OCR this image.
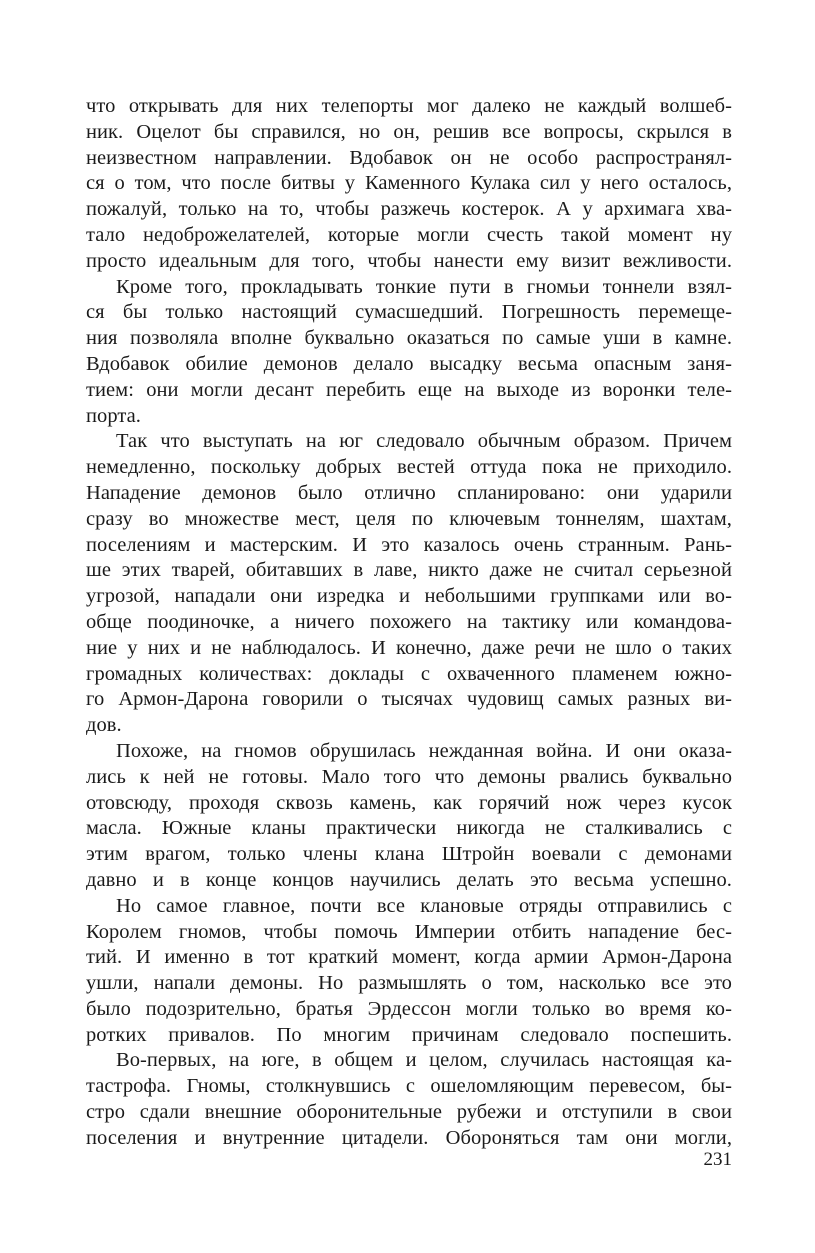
что открывать для них телепорты мог далеко не каждый волшеб-
ник. Оцелот бы справился, но он, решив все вопросы, скрылся в
неизвестном направлении. Вдобавок он не особо распространял-
ся о том, что после битвы у Каменного Кулака сил у него осталось,
пожалуй, только на то, чтобы разжечь костерок. А у архимага хва-
тало недоброжелателей, которые могли счесть такой момент ну
просто идеальным для того, чтобы нанести ему визит вежливости.
Кроме того, прокладывать тонкие пути в гномьи тоннели взял-
ся бы только настоящий сумасшедший. Погрешность перемеще-
ния позволяла вполне буквально оказаться по самые уши в камне.
Вдобавок обилие демонов делало высадку весьма опасным заня-
тием: они могли десант перебить еще на выходе из воронки теле-
порта.
Так что выступать на юг следовало обычным образом. Причем
немедленно, поскольку добрых вестей оттуда пока не приходило.
Нападение демонов было отлично спланировано: они ударили
сразу во множестве мест, целя по ключевым тоннелям, шахтам,
поселениям и мастерским. И это казалось очень странным. Рань-
ше этих тварей, обитавших в лаве, никто даже не считал серьезной
угрозой, нападали они изредка и небольшими группками или во-
обще поодиночке, а ничего похожего на тактику или командова-
ние у них и не наблюдалось. И конечно, даже речи не шло о таких
громадных количествах: доклады с охваченного пламенем южно-
го Армон-Дарона говорили о тысячах чудовищ самых разных ви-
дов.
Похоже, на гномов обрушилась нежданная война. И они оказа-
лись к ней не готовы. Мало того что демоны рвались буквально
отовсюду, проходя сквозь камень, как горячий нож через кусок
масла. Южные кланы практически никогда не сталкивались с
этим врагом, только члены клана Штройн воевали с демонами
давно и в конце концов научились делать это весьма успешно.
Но самое главное, почти все клановые отряды отправились с
Королем гномов, чтобы помочь Империи отбить нападение бес-
тий. И именно в тот краткий момент, когда армии Армон-Дарона
ушли, напали демоны. Но размышлять о том, насколько все это
было подозрительно, братья Эрдессон могли только во время ко-
ротких привалов. По многим причинам следовало поспешить.
Во-первых, на юге, в общем и целом, случилась настоящая ка-
тастрофа. Гномы, столкнувшись с ошеломляющим перевесом, бы-
стро сдали внешние оборонительные рубежи и отступили в свои
поселения и внутренние цитадели. Обороняться там они могли,
231
